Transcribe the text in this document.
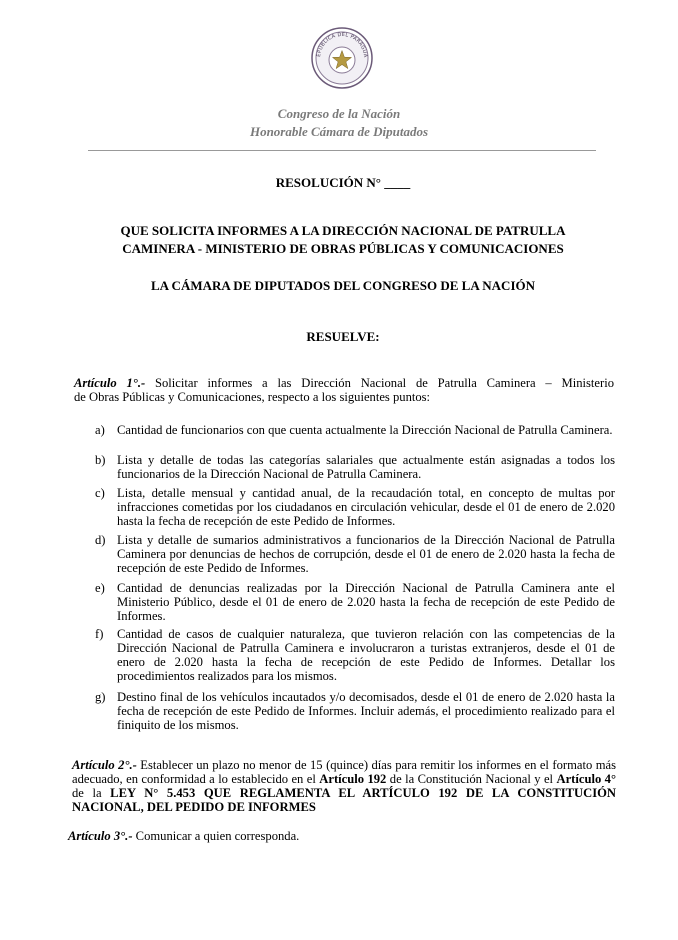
EPÚBLICA DEL PARAGUA
Congreso de la Nación
Honorable Cámara de Diputados
RESOLUCIÓN N° ____
QUE SOLICITA INFORMES A LA DIRECCIÓN NACIONAL DE PATRULLA
CAMINERA - MINISTERIO DE OBRAS PÚBLICAS Y COMUNICACIONES
LA CÁMARA DE DIPUTADOS DEL CONGRESO DE LA NACIÓN
RESUELVE:
Artículo 1°.- Solicitar informes a las Dirección Nacional de Patrulla Caminera – Ministerio
de Obras Públicas y Comunicaciones, respecto a los siguientes puntos:
a) Cantidad de funcionarios con que cuenta actualmente la Dirección Nacional de Patrulla Caminera.
b) Lista y detalle de todas las categorías salariales que actualmente están asignadas a todos los funcionarios de la Dirección Nacional de Patrulla Caminera.
c) Lista, detalle mensual y cantidad anual, de la recaudación total, en concepto de multas por infracciones cometidas por los ciudadanos en circulación vehicular, desde el 01 de enero de 2.020 hasta la fecha de recepción de este Pedido de Informes.
d) Lista y detalle de sumarios administrativos a funcionarios de la Dirección Nacional de Patrulla Caminera por denuncias de hechos de corrupción, desde el 01 de enero de 2.020 hasta la fecha de recepción de este Pedido de Informes.
e) Cantidad de denuncias realizadas por la Dirección Nacional de Patrulla Caminera ante el Ministerio Público, desde el 01 de enero de 2.020 hasta la fecha de recepción de este Pedido de Informes.
f)	Cantidad de casos de cualquier naturaleza, que tuvieron relación con las competencias de la Dirección Nacional de Patrulla Caminera e involucraron a turistas extranjeros, desde el 01 de enero de 2.020 hasta la fecha de recepción de este Pedido de Informes. Detallar los procedimientos realizados para los mismos.
g) Destino final de los vehículos incautados y/o decomisados, desde el 01 de enero de 2.020 hasta la fecha de recepción de este Pedido de Informes. Incluir además, el procedimiento realizado para el finiquito de los mismos.
Artículo 2°.- Establecer un plazo no menor de 15 (quince) días para remitir los informes en el formato más adecuado, en conformidad a lo establecido en el Artículo 192 de la Constitución Nacional y el Artículo 4° de la LEY N° 5.453 QUE REGLAMENTA EL ARTÍCULO 192 DE LA CONSTITUCIÓN NACIONAL, DEL PEDIDO DE INFORMES
Artículo 3°.- Comunicar a quien corresponda.
